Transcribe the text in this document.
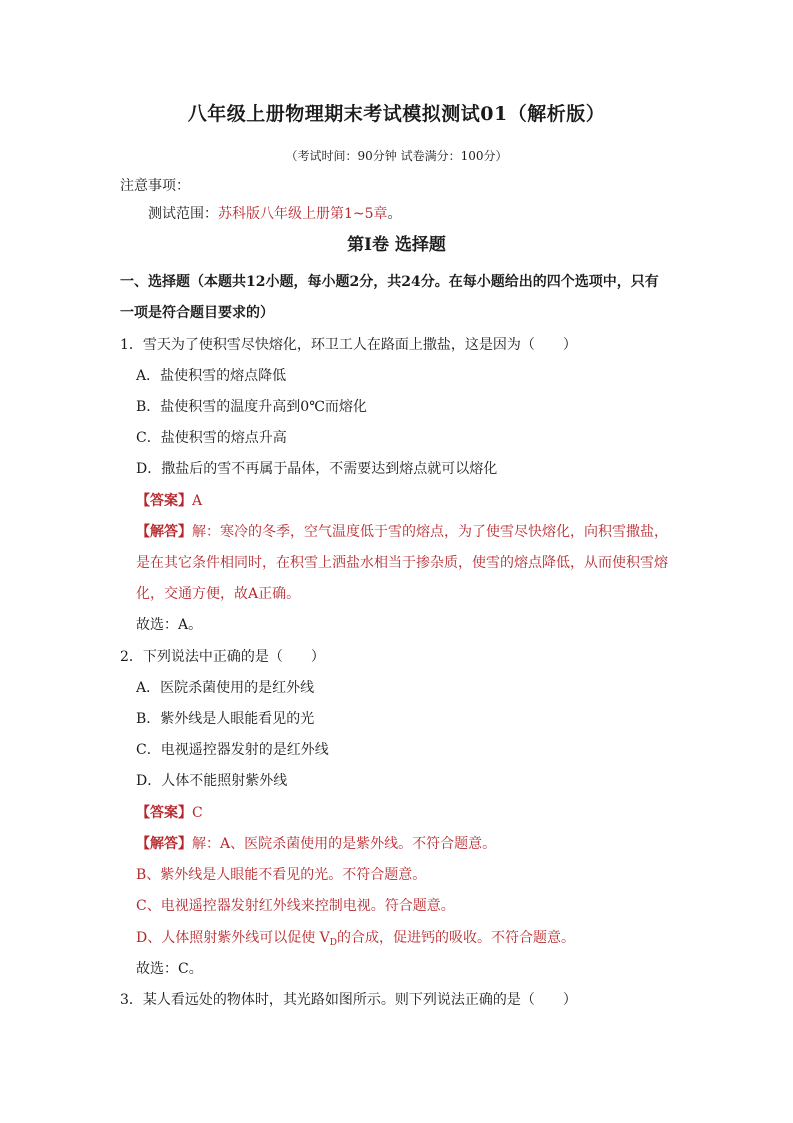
八年级上册物理期末考试模拟测试01（解析版）
（考试时间：90分钟 试卷满分：100分）
注意事项：
测试范围：苏科版八年级上册第1~5章。
第Ⅰ卷 选择题
一、选择题（本题共12小题，每小题2分，共24分。在每小题给出的四个选项中，只有
一项是符合题目要求的）
1．雪天为了使积雪尽快熔化，环卫工人在路面上撒盐，这是因为（　　）
A．盐使积雪的熔点降低
B．盐使积雪的温度升高到0℃而熔化
C．盐使积雪的熔点升高
D．撒盐后的雪不再属于晶体，不需要达到熔点就可以熔化
【答案】A
【解答】解：寒冷的冬季，空气温度低于雪的熔点，为了使雪尽快熔化，向积雪撒盐，
是在其它条件相同时，在积雪上洒盐水相当于掺杂质，使雪的熔点降低，从而使积雪熔
化，交通方便，故A正确。
故选：A。
2．下列说法中正确的是（　　）
A．医院杀菌使用的是红外线
B．紫外线是人眼能看见的光
C．电视遥控器发射的是红外线
D．人体不能照射紫外线
【答案】C
【解答】解：A、医院杀菌使用的是紫外线。不符合题意。
B、紫外线是人眼能不看见的光。不符合题意。
C、电视遥控器发射红外线来控制电视。符合题意。
D、人体照射紫外线可以促使 $V_D$的合成，促进钙的吸收。不符合题意。
故选：C。
3．某人看远处的物体时，其光路如图所示。则下列说法正确的是（　　）
